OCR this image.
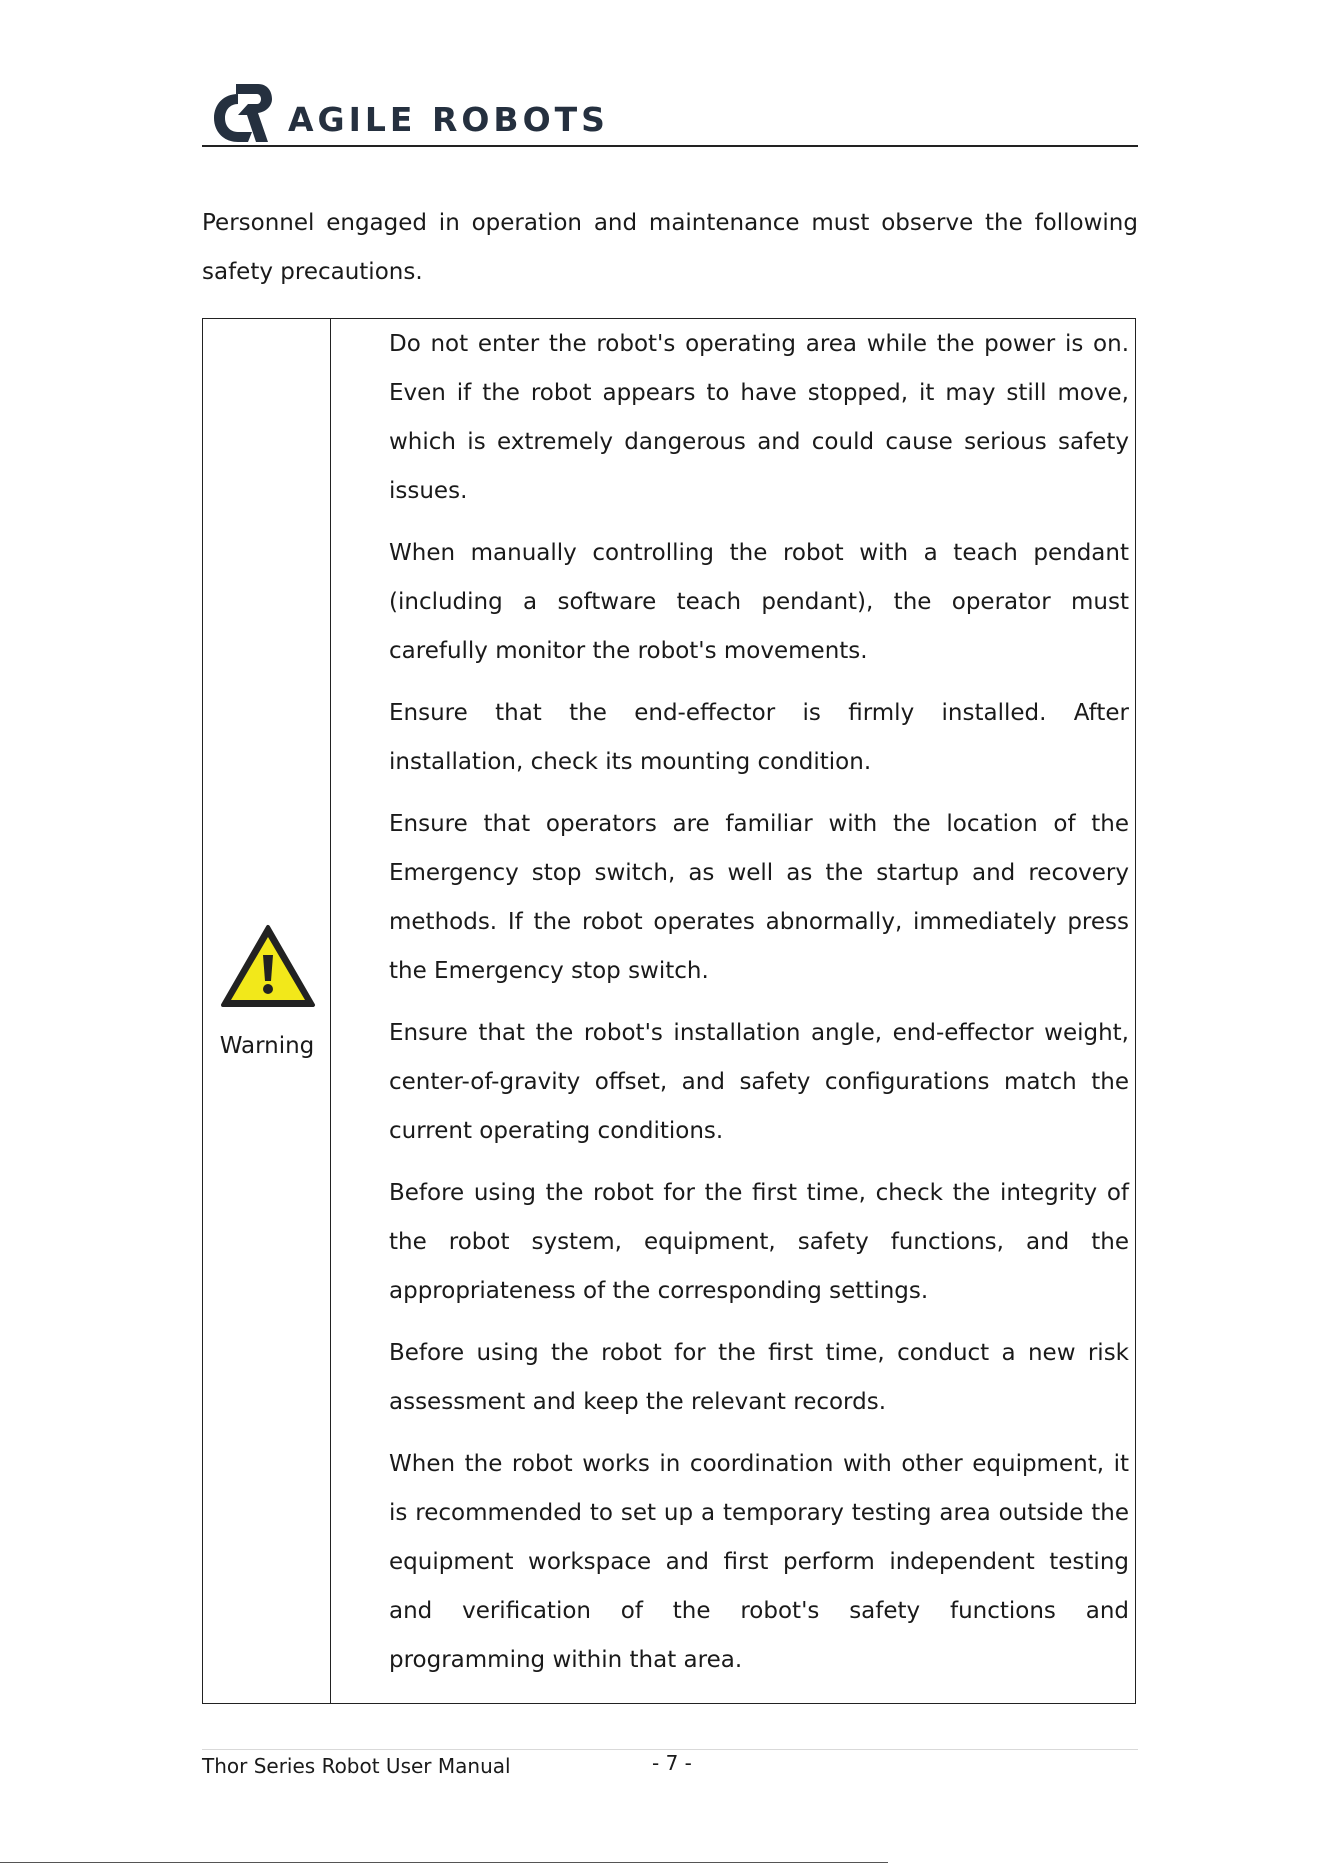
AGILE ROBOTS

Personnel engaged in operation and maintenance must observe the following safety precautions.

Warning

Do not enter the robot's operating area while the power is on. Even if the robot appears to have stopped, it may still move, which is extremely dangerous and could cause serious safety issues.

When manually controlling the robot with a teach pendant (including a software teach pendant), the operator must carefully monitor the robot's movements.

Ensure that the end-effector is firmly installed. After installation, check its mounting condition.

Ensure that operators are familiar with the location of the Emergency stop switch, as well as the startup and recovery methods. If the robot operates abnormally, immediately press the Emergency stop switch.

Ensure that the robot's installation angle, end-effector weight, center-of-gravity offset, and safety configurations match the current operating conditions.

Before using the robot for the first time, check the integrity of the robot system, equipment, safety functions, and the appropriateness of the corresponding settings.

Before using the robot for the first time, conduct a new risk assessment and keep the relevant records.

When the robot works in coordination with other equipment, it is recommended to set up a temporary testing area outside the equipment workspace and first perform independent testing and verification of the robot's safety functions and programming within that area.

Thor Series Robot User Manual	- 7 -
